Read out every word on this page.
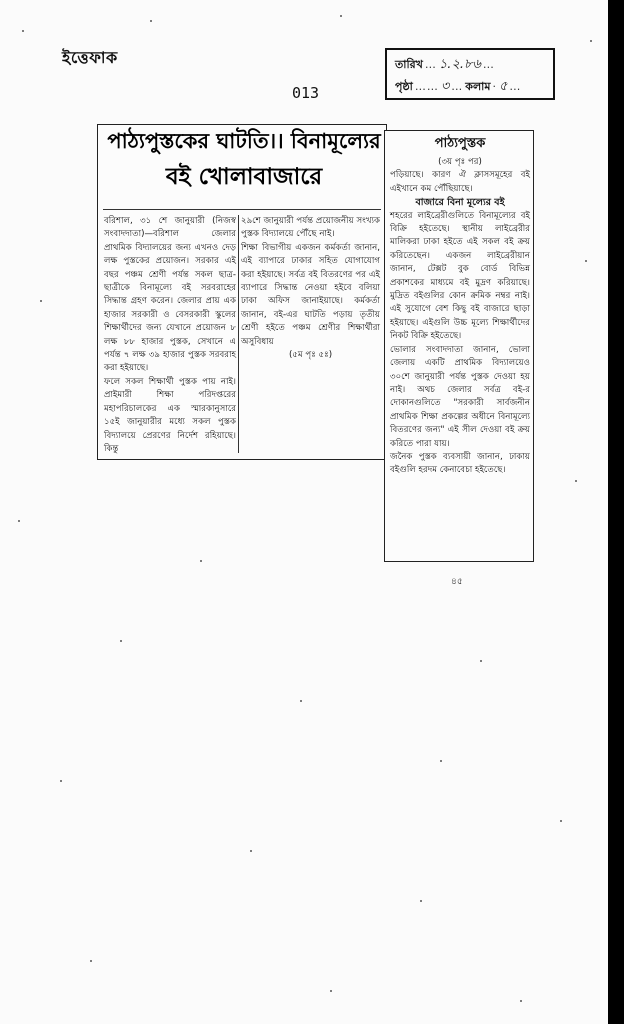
ইত্তেফাক	তারিখ … ১.২.৮৬ …
পৃষ্ঠা …… ৩ … কলাম · ৫ …
013
পাঠ্যপুস্তকের ঘাটতি।। বিনামূল্যের
বই খোলাবাজারে

বরিশাল, ৩১ শে জানুয়ারী (নিজস্ব সংবাদদাতা)—বরিশাল জেলার প্রাথমিক বিদ্যালয়ের জন্য এখনও দেড় লক্ষ পুস্তকের প্রয়োজন। সরকার এই বছর পঞ্চম শ্রেণী পর্যন্ত সকল ছাত্র-ছাত্রীকে বিনামূল্যে বই সরবরাহের সিদ্ধান্ত গ্রহণ করেন। জেলার প্রায় এক হাজার সরকারী ও বেসরকারী স্কুলের শিক্ষার্থীদের জন্য যেখানে প্রয়োজন ৮ লক্ষ ৮৮ হাজার পুস্তক, সেখানে এ পর্যন্ত ৭ লক্ষ ৩৯ হাজার পুস্তক সরবরাহ করা হইয়াছে।

ফলে সকল শিক্ষার্থী পুস্তক পায় নাই। প্রাইমারী শিক্ষা পরিদপ্তরের মহাপরিচালকের এক স্মারকানুসারে ১৫ই জানুয়ারীর মধ্যে সকল পুস্তক বিদ্যালয়ে প্রেরণের নির্দেশ রহিয়াছে। কিন্তু

২৯শে জানুয়ারী পর্যন্ত প্রয়োজনীয় সংখ্যক পুস্তক বিদ্যালয়ে পৌঁছে নাই।

শিক্ষা বিভাগীয় একজন কর্মকর্তা জানান, এই ব্যাপারে ঢাকার সহিত যোগাযোগ করা হইয়াছে। সর্বত্র বই বিতরণের পর এই ব্যাপারে সিদ্ধান্ত নেওয়া হইবে বলিয়া ঢাকা অফিস জানাইয়াছে। কর্মকর্তা জানান, বই-এর ঘাটতি পড়ায় তৃতীয় শ্রেণী হইতে পঞ্চম শ্রেণীর শিক্ষার্থীরা অসুবিধায়

(৫ম পৃঃ ৫ঃ)

পাঠ্যপুস্তক

(৩য় পৃঃ পর)

পড়িয়াছে। কারণ ঐ ক্লাসসমূহের বই এইখানে কম পৌঁছিয়াছে।

বাজারে বিনা মূল্যের বই

শহরের লাইব্রেরীগুলিতে বিনামূল্যের বই বিক্রি হইতেছে। স্থানীয় লাইব্রেরীর মালিকরা ঢাকা হইতে এই সকল বই ক্রয় করিতেছেন। একজন লাইব্রেরীয়ান জানান, টেক্সট বুক বোর্ড বিভিন্ন প্রকাশকের মাধ্যমে বই মুদ্রণ করিয়াছে। মুদ্রিত বইগুলির কোন ক্রমিক নম্বর নাই। এই সুযোগে বেশ কিছু বই বাজারে ছাড়া হইয়াছে। এইগুলি উচ্চ মূল্যে শিক্ষার্থীদের নিকট বিক্রি হইতেছে।

ভোলার সংবাদদাতা জানান, ভোলা জেলায় একটি প্রাথমিক বিদ্যালয়েও ৩০শে জানুয়ারী পর্যন্ত পুস্তক দেওয়া হয় নাই। অথচ জেলার সর্বত্র বই-র দোকানগুলিতে "সরকারী সার্বজনীন প্রাথমিক শিক্ষা প্রকল্পের অধীনে বিনামূল্যে বিতরণের জন্য" এই সীল দেওয়া বই ক্রয় করিতে পারা যায়।

জনৈক পুস্তক ব্যবসায়ী জানান, ঢাকায় বইগুলি হরদম কেনাবেচা হইতেছে।

৪৫
